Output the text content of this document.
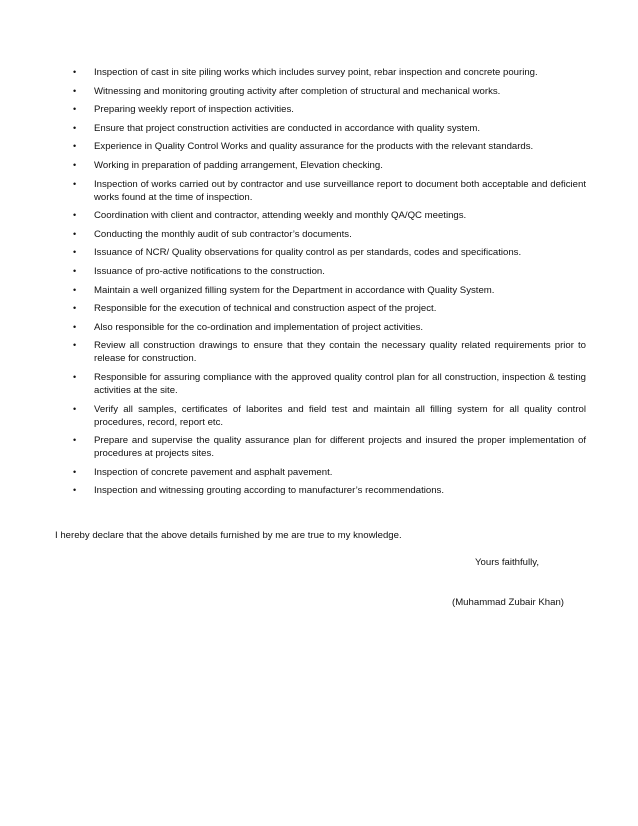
• Inspection of cast in site piling works which includes survey point, rebar inspection and concrete pouring.
• Witnessing and monitoring grouting activity after completion of structural and mechanical works.
• Preparing weekly report of inspection activities.
• Ensure that project construction activities are conducted in accordance with quality system.
• Experience in Quality Control Works and quality assurance for the products with the relevant standards.
• Working in preparation of padding arrangement, Elevation checking.
• Inspection of works carried out by contractor and use surveillance report to document both acceptable and deficient works found at the time of inspection.
• Coordination with client and contractor, attending weekly and monthly QA/QC meetings.
• Conducting the monthly audit of sub contractor’s documents.
• Issuance of NCR/ Quality observations for quality control as per standards, codes and specifications.
• Issuance of pro-active notifications to the construction.
• Maintain a well organized filling system for the Department in accordance with Quality System.
• Responsible for the execution of technical and construction aspect of the project.
• Also responsible for the co-ordination and implementation of project activities.
• Review all construction drawings to ensure that they contain the necessary quality related requirements prior to release for construction.
• Responsible for assuring compliance with the approved quality control plan for all construction, inspection & testing activities at the site.
• Verify all samples, certificates of laborites and field test and maintain all filling system for all quality control procedures, record, report etc.
• Prepare and supervise the quality assurance plan for different projects and insured the proper implementation of procedures at projects sites.
• Inspection of concrete pavement and asphalt pavement.
• Inspection and witnessing grouting according to manufacturer’s recommendations.
I hereby declare that the above details furnished by me are true to my knowledge.
Yours faithfully,
(Muhammad Zubair Khan)
